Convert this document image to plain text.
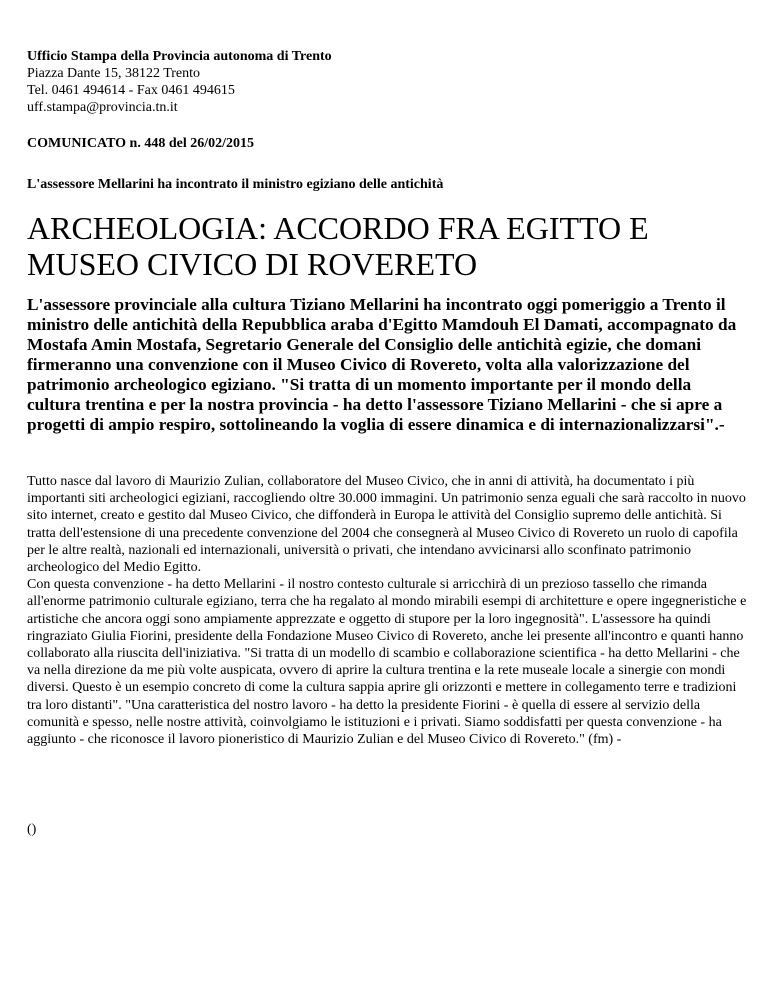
Ufficio Stampa della Provincia autonoma di Trento
Piazza Dante 15, 38122 Trento
Tel. 0461 494614 - Fax 0461 494615
uff.stampa@provincia.tn.it
COMUNICATO n. 448 del 26/02/2015
L'assessore Mellarini ha incontrato il ministro egiziano delle antichità
ARCHEOLOGIA: ACCORDO FRA EGITTO E MUSEO CIVICO DI ROVERETO

L'assessore provinciale alla cultura Tiziano Mellarini ha incontrato oggi pomeriggio a Trento il ministro delle antichità della Repubblica araba d'Egitto Mamdouh El Damati, accompagnato da Mostafa Amin Mostafa, Segretario Generale del Consiglio delle antichità egizie, che domani firmeranno una convenzione con il Museo Civico di Rovereto, volta alla valorizzazione del patrimonio archeologico egiziano. "Si tratta di un momento importante per il mondo della cultura trentina e per la nostra provincia - ha detto l'assessore Tiziano Mellarini - che si apre a progetti di ampio respiro, sottolineando la voglia di essere dinamica e di internazionalizzarsi".-

Tutto nasce dal lavoro di Maurizio Zulian, collaboratore del Museo Civico, che in anni di attività, ha documentato i più importanti siti archeologici egiziani, raccogliendo oltre 30.000 immagini. Un patrimonio senza eguali che sarà raccolto in nuovo sito internet, creato e gestito dal Museo Civico, che diffonderà in Europa le attività del Consiglio supremo delle antichità. Si tratta dell'estensione di una precedente convenzione del 2004 che consegnerà al Museo Civico di Rovereto un ruolo di capofila per le altre realtà, nazionali ed internazionali, università o privati, che intendano avvicinarsi allo sconfinato patrimonio archeologico del Medio Egitto.

Con questa convenzione - ha detto Mellarini - il nostro contesto culturale si arricchirà di un prezioso tassello che rimanda all'enorme patrimonio culturale egiziano, terra che ha regalato al mondo mirabili esempi di architetture e opere ingegneristiche e artistiche che ancora oggi sono ampiamente apprezzate e oggetto di stupore per la loro ingegnosità". L'assessore ha quindi ringraziato Giulia Fiorini, presidente della Fondazione Museo Civico di Rovereto, anche lei presente all'incontro e quanti hanno collaborato alla riuscita dell'iniziativa. "Si tratta di un modello di scambio e collaborazione scientifica - ha detto Mellarini - che va nella direzione da me più volte auspicata, ovvero di aprire la cultura trentina e la rete museale locale a sinergie con mondi diversi. Questo è un esempio concreto di come la cultura sappia aprire gli orizzonti e mettere in collegamento terre e tradizioni tra loro distanti". "Una caratteristica del nostro lavoro - ha detto la presidente Fiorini - è quella di essere al servizio della comunità e spesso, nelle nostre attività, coinvolgiamo le istituzioni e i privati. Siamo soddisfatti per questa convenzione - ha aggiunto - che riconosce il lavoro pioneristico di Maurizio Zulian e del Museo Civico di Rovereto." (fm) -

()
